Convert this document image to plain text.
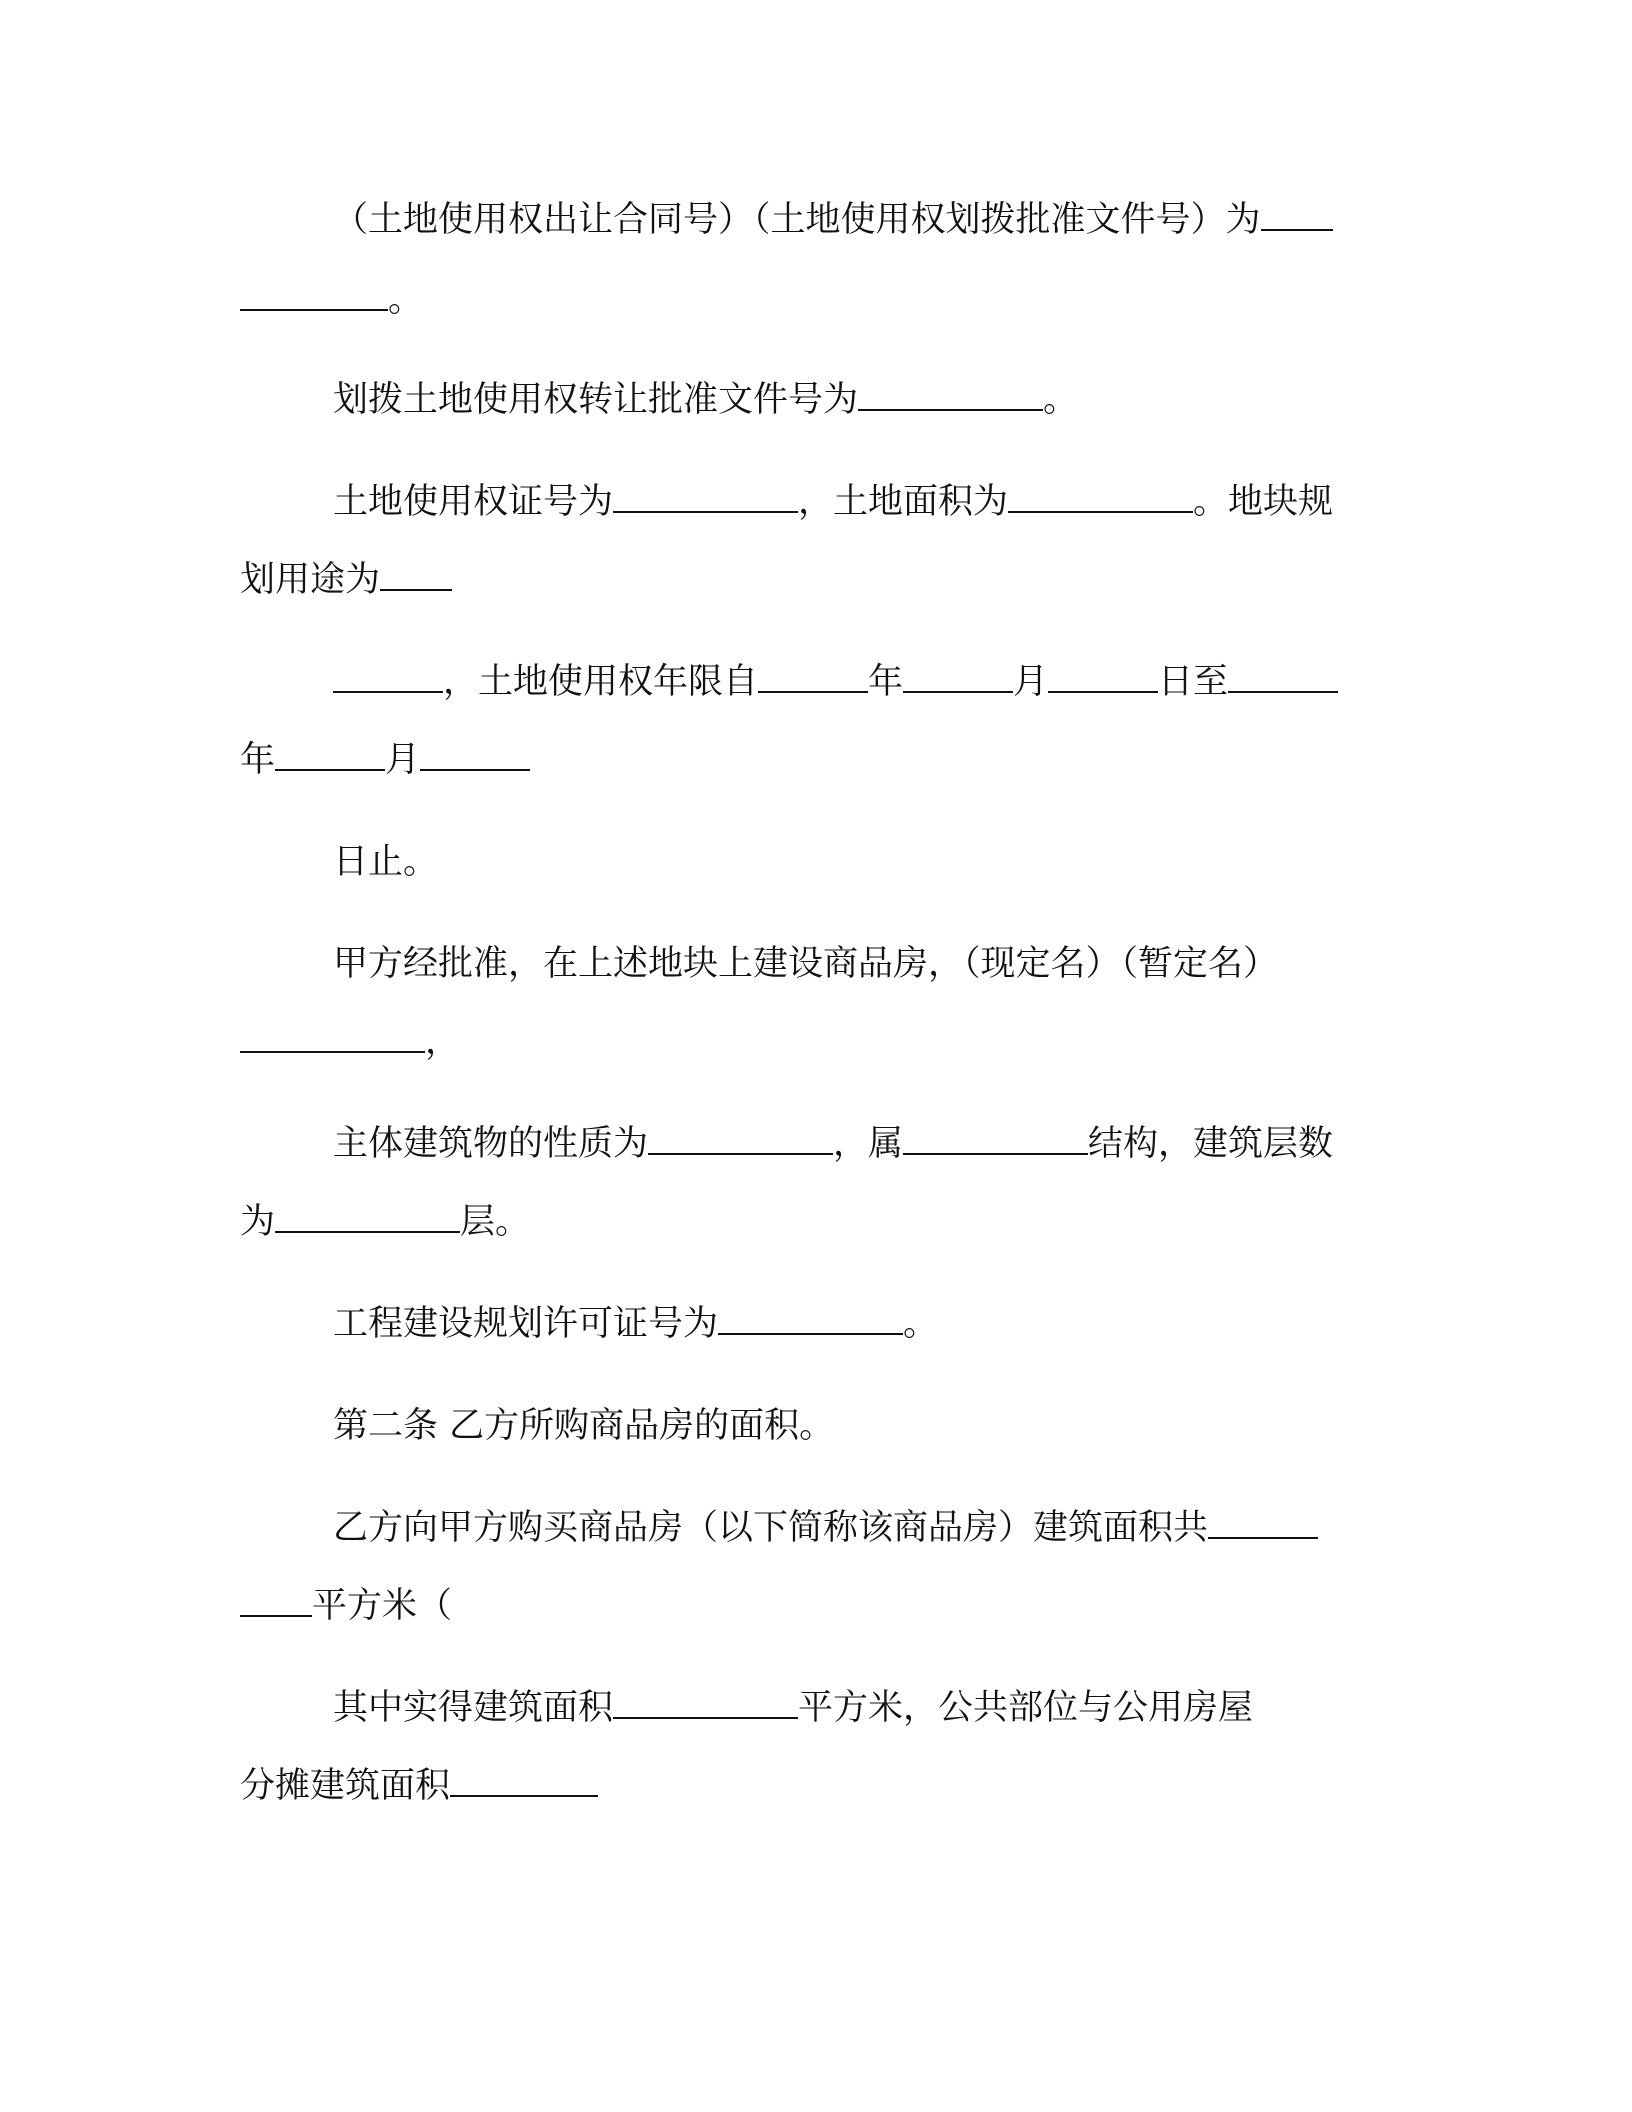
（土地使用权出让合同号）（土地使用权划拨批准文件号）为
。
划拨土地使用权转让批准文件号为	。
土地使用权证号为	，土地面积为	。地块规
划用途为
，土地使用权年限自	年	月	日至
年	月
日止。
甲方经批准，在上述地块上建设商品房，（现定名）（暂定名）
，
主体建筑物的性质为	，属	结构，建筑层数
为	层。
工程建设规划许可证号为	。
第二条 乙方所购商品房的面积。
乙方向甲方购买商品房（以下简称该商品房）建筑面积共
平方米（
其中实得建筑面积	平方米，公共部位与公用房屋
分摊建筑面积
